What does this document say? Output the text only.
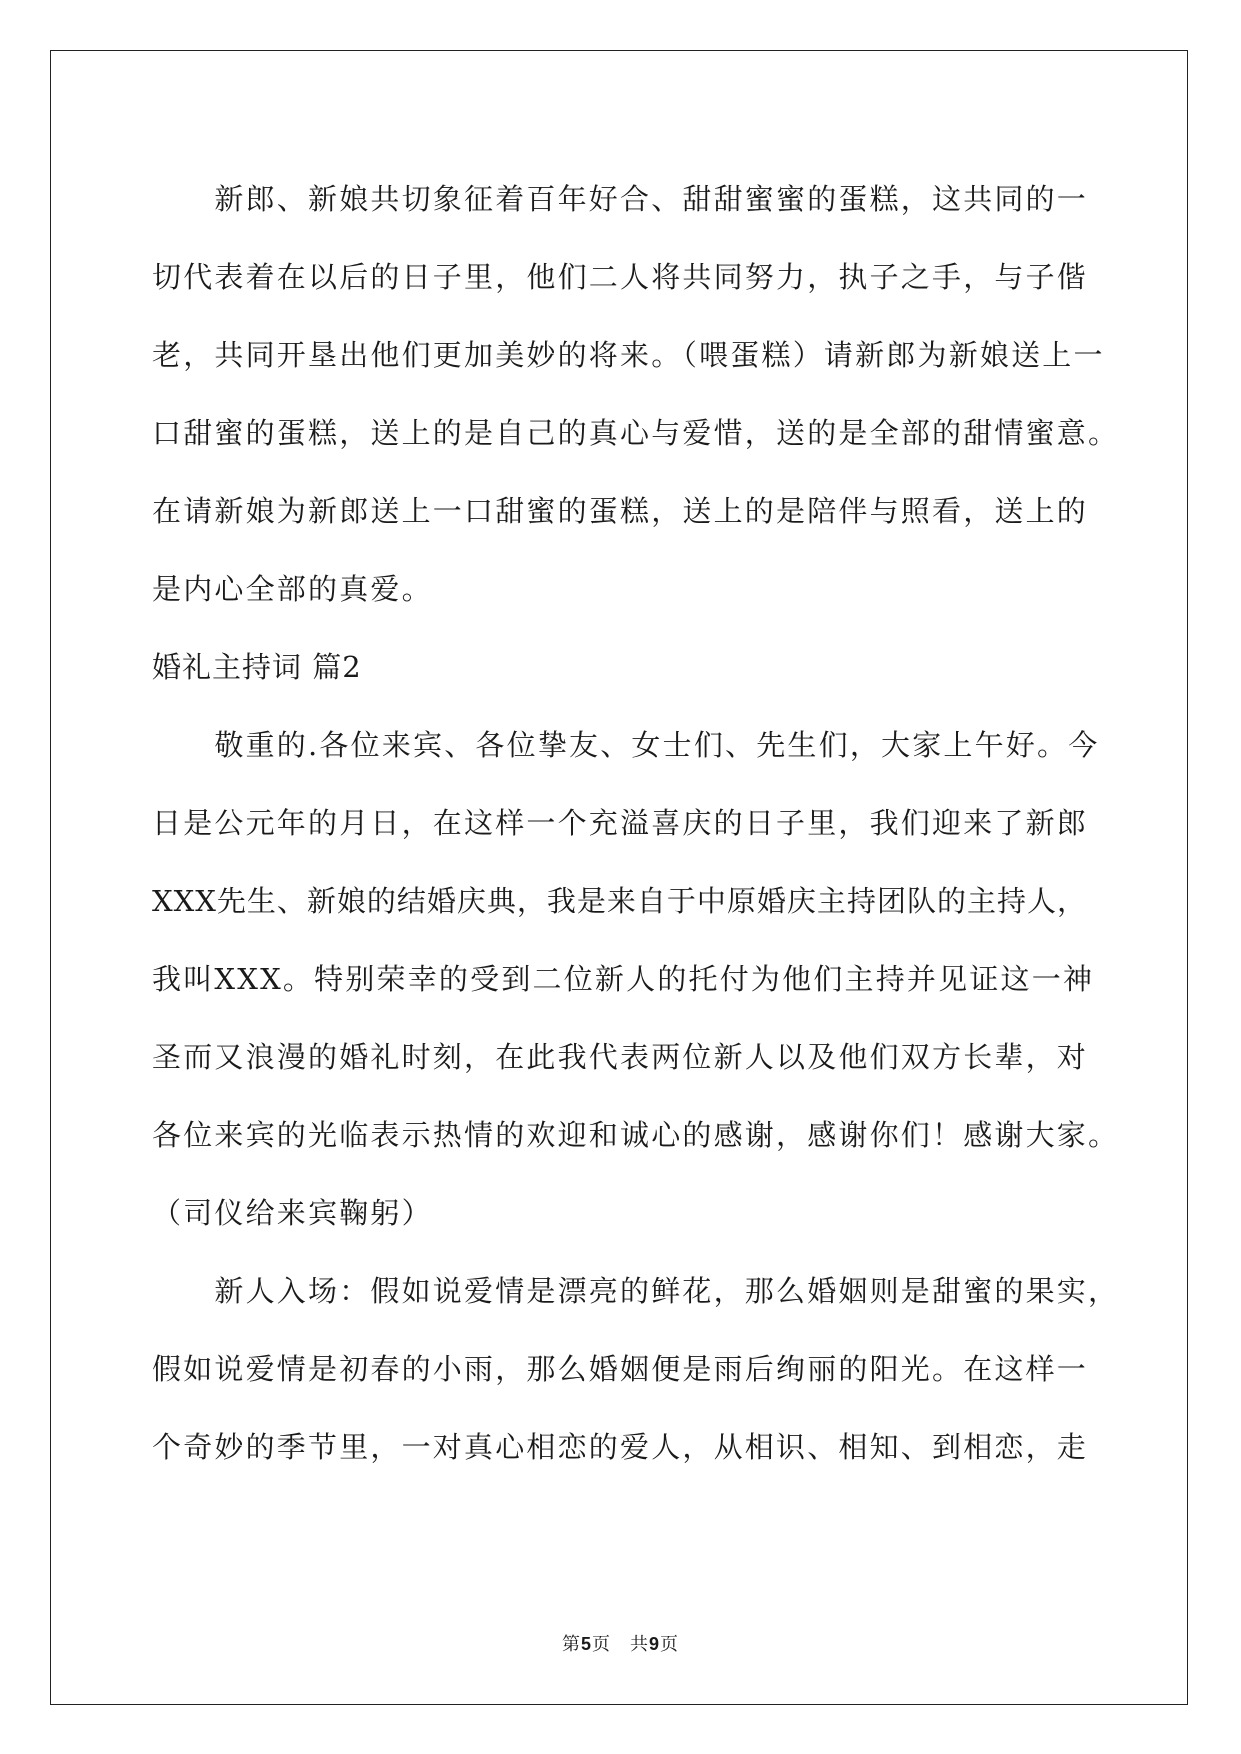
　　新郎、新娘共切象征着百年好合、甜甜蜜蜜的蛋糕，这共同的一
切代表着在以后的日子里，他们二人将共同努力，执子之手，与子偕
老，共同开垦出他们更加美妙的将来。（喂蛋糕）请新郎为新娘送上一
口甜蜜的蛋糕，送上的是自己的真心与爱惜，送的是全部的甜情蜜意。
在请新娘为新郎送上一口甜蜜的蛋糕，送上的是陪伴与照看，送上的
是内心全部的真爱。
婚礼主持词 篇2
　　敬重的.各位来宾、各位挚友、女士们、先生们，大家上午好。今
日是公元年的月日，在这样一个充溢喜庆的日子里，我们迎来了新郎
XXX先生、新娘的结婚庆典，我是来自于中原婚庆主持团队的主持人，
我叫XXX。特别荣幸的受到二位新人的托付为他们主持并见证这一神
圣而又浪漫的婚礼时刻，在此我代表两位新人以及他们双方长辈，对
各位来宾的光临表示热情的欢迎和诚心的感谢，感谢你们！感谢大家。
（司仪给来宾鞠躬）
　　新人入场：假如说爱情是漂亮的鲜花，那么婚姻则是甜蜜的果实，
假如说爱情是初春的小雨，那么婚姻便是雨后绚丽的阳光。在这样一
个奇妙的季节里，一对真心相恋的爱人，从相识、相知、到相恋，走
第5页　共9页
